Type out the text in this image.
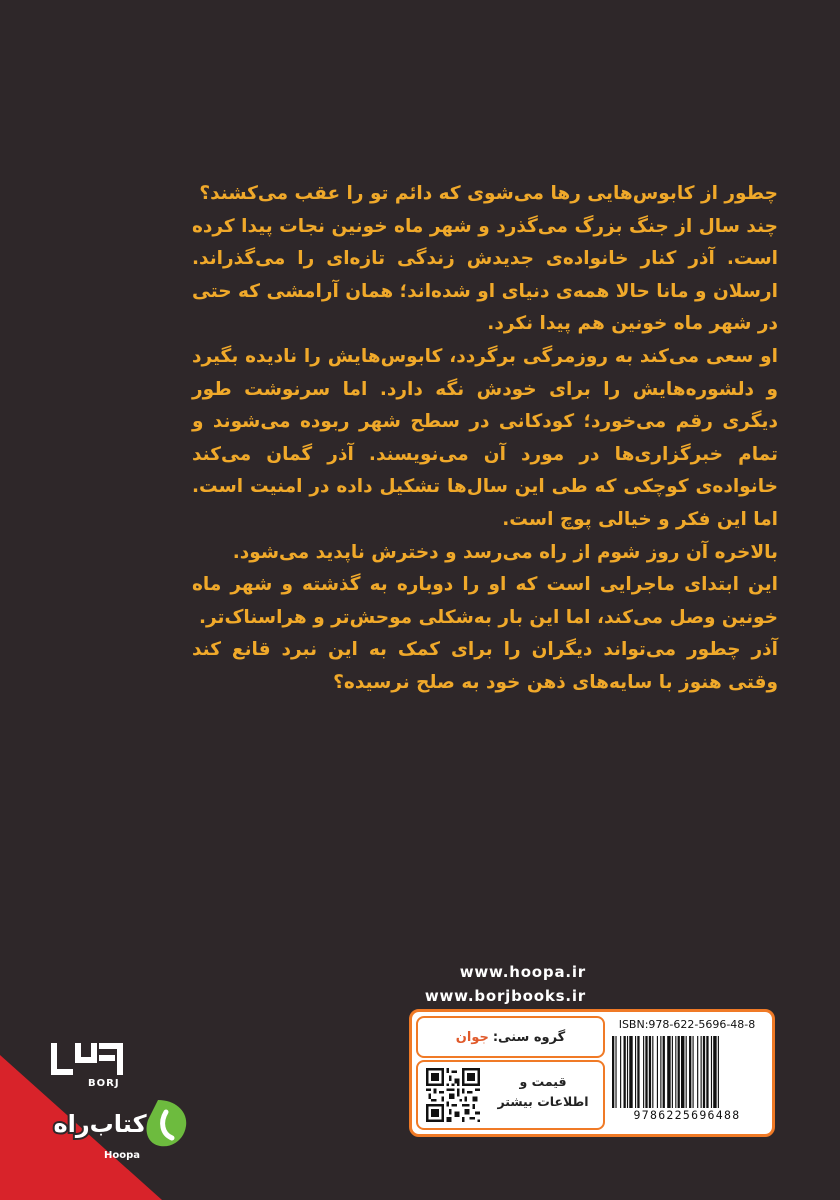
چطور از کابوس‌هایی رها می‌شوی که دائم تو را عقب می‌کشند؟

چند سال از جنگ بزرگ می‌گذرد و شهر ماه خونین نجات پیدا کرده است. آذر کنار خانواده‌ی جدیدش زندگی تازه‌ای را می‌گذراند. ارسلان و مانا حالا همه‌ی دنیای او شده‌اند؛ همان آرامشی که حتی در شهر ماه خونین هم پیدا نکرد.

او سعی می‌کند به روزمرگی برگردد، کابوس‌هایش را نادیده بگیرد و دلشوره‌هایش را برای خودش نگه دارد. اما سرنوشت طور دیگری رقم می‌خورد؛ کودکانی در سطح شهر ربوده می‌شوند و تمام خبرگزاری‌ها در مورد آن می‌نویسند. آذر گمان می‌کند خانواده‌ی کوچکی که طی این سال‌ها تشکیل داده در امنیت است. اما این فکر و خیالی پوچ است.

بالاخره آن روز شوم از راه می‌رسد و دخترش ناپدید می‌شود.

این ابتدای ماجرایی است که او را دوباره به گذشته و شهر ماه خونین وصل می‌کند، اما این بار به‌شکلی موحش‌تر و هراسناک‌تر.

آذر چطور می‌تواند دیگران را برای کمک به این نبرد قانع کند وقتی هنوز با سایه‌های ذهن خود به صلح نرسیده؟

www.hoopa.ir
www.borjbooks.ir
گروه سنی:
جوان
قیمت و
اطلاعات بیشتر
ISBN:978-622-5696-48-8
9786225696488
BORJ
کتاب‌راه
Hoopa
